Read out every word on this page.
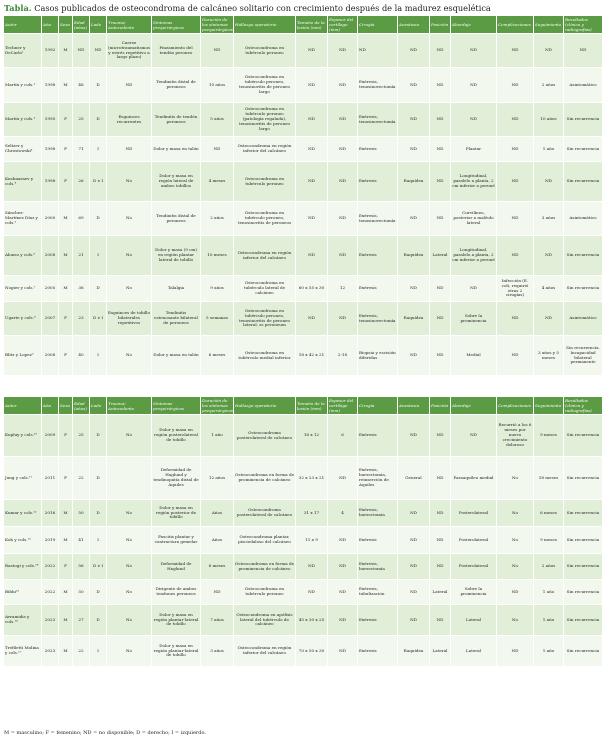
Tabla. Casos publicados de osteocondroma de calcáneo solitario con crecimiento después de la madurez esquelética
Autor	Año	Sexo	Edad (años)	Lado	Trauma/ Antecedente	Síntomas prequirúrgicos	Duración de los síntomas prequirúrgicos	Hallazgo operatorio	Tamaño de la lesión (mm)	Espesor del cartílago (mm)	Cirugía	Anestesia	Posición	Abordaje	Complicaciones	Seguimiento	Resultados (clínica y radiografías)
Techner y DeCarlo¹	1992	M	ND	ND	Caerse (microtraumatismos y estrés repetitivo a largo plazo)	Pinzamiento del tendón peroneo	ND	Osteocondroma en tubérculo peroneo	ND	ND	ND	ND	ND	ND	ND	ND	ND
Martín y cols.²	1998	M	48	D	ND	Tendinitis distal de peroneos	10 años	Osteocondroma en tubérculo peroneo, tenosinovitis de peroneo largo	ND	ND	Exéresis, tenosinovectomía	ND	ND	ND	ND	2 años	Asintomático
Martín y cols.²	1995	F	25	D	Esguinces recurrentes	Tendinitis de tendón peroneos	5 años	Osteocondroma en tubérculo peroneo (patología regalada), tenosinovitis de peroneo largo	ND	ND	Exéresis, tenosinovectomía	ND	ND	ND	ND	10 años	Sin recurrencia
Seltzer y Chrostowski³	1998	F	71	I	ND	Dolor y masa en talón	ND	Osteocondroma en región inferior del calcáneo	ND	ND	Exéresis	ND	ND	Plantar	ND	1 año	Sin recurrencia
Kushnaraev y cols.⁴	1998	F	26	D e I	No	Dolor y masa en región lateral de ambos tobillos	4 meses	Osteocondroma en tubérculo peroneo	ND	ND	Exéresis	Raquídea	ND	Longitudinal, paralelo a planta, 2 cm inferior a peroné	ND	ND	Sin recurrencia
Sánchez-Martínez Díaz y cols.⁵	2000	M	69	D	No	Tendinitis distal de peroneos	2 años	Osteocondroma en tubérculo peroneo, tenosinovitis de peroneos	ND	ND	Exéresis, tenosinovectomía	ND	ND	Curvilíneo, posterior a maléolo lateral	ND	3 años	Asintomático
Alonso y cols.⁶	2008	M	21	I	No	Dolor y masa (9 cm) en región plantar lateral de tobillo	10 meses	Osteocondroma en región inferior del calcáneo	ND	ND	Exéresis	Raquídea	Lateral	Longitudinal, paralelo a planta, 2 cm inferior a peroné	ND	ND	Sin recurrencia
Nogier y cols.⁷	2005	M	36	D	No	Talalgia	9 años	Osteocondroma en tubérculo lateral de calcáneo	60 x 55 x 30	12	Exéresis	ND	ND	ND	Infección (E. coli, requirió otras 2 cirugías)	4 años	Sin recurrencia
Ugarte y cols.⁸	2007	F	23	D e I	Esguinces de tobillo bilaterales repetitivos	Tendinitis estenosante bilateral de peroneos	5 semanas	Osteocondroma en tubérculo peroneo, tenosinovitis de peroneo lateral, ss peroneum	ND	ND	Exéresis, tenosinovectomía	Raquídea	ND	Sobre la prominencia	ND	ND	Asintomático
Blitz y Lopez⁹	2008	F	40	I	No	Dolor y masa en talón	6 meses	Osteocondroma en tubérculo medial inferior	18 x 42 x 21	2-18	Biopsia y escisión diferidas	ND	ND	Medial	ND	3 años y 5 meses	Sin recurrencia. Incapacidad bilateral permanente
Autor	Año	Sexo	Edad (años)	Lado	Trauma/ Antecedente	Síntomas prequirúrgicos	Duración de los síntomas prequirúrgicos	Hallazgo operatorio	Tamaño de la lesión (mm)	Espesor del cartílago (mm)	Cirugía	Anestesia	Posición	Abordaje	Complicaciones	Seguimiento	Resultados (clínica y radiografías)
Kupluy y cols.¹⁰	2009	F	25	D	No	Dolor y masa en región posterolateral de tobillo	1 año	Osteocondroma posterolateral de calcáneo	18 x 12	6	Exéresis	ND	ND	ND	Recurrió a los 6 meses por nuevo crecimiento doloroso	9 meses	Sin recurrencia
Jung y cols.¹¹	2011	F	22	D		Deformidad de Haglund y tendinopatía distal de Aquiles	12 años	Osteocondroma en forma de prominencia de calcáneo	32 x 23 x 21	ND	Exéresis, bursectomía, reinserción de Aquiles	General	ND	Paraaquíleo medial	No	18 meses	Sin recurrencia
Kumar y cols.¹²	2016	M	50	D	No	Dolor y masa en región posterior de tobillo	Años	Osteocondroma posterolateral de calcáneo	31 x 17	4	Exéresis, bursectomía	ND	ND	Posterolateral	No	6 meses	Sin recurrencia
Koh y cols.¹³	2019	M	41	I	No	Fascitis plantar y contractura gemelar	Años	Osteocondroma plantar, pisciodaloso del calcáneo	11 x 9	ND	Exéresis	ND	ND	Posterolateral	No	9 meses	Sin recurrencia
Rastogi y cols.¹⁴	2022	F	56	D e I	No	Deformidad de Haglund	6 meses	Osteocondroma en forma de prominencia de calcáneo	ND	ND	Exéresis, bursectomía	ND	ND	Posterolateral	No	2 años	Sin recurrencia
Bibhi¹⁵	2022	M	50	D	No	Dirigente de ambos tendones peroneos	ND	Osteocondroma en tubérculo peroneo	ND	ND	Exéresis, tubulización	ND	Lateral	Sobre la prominencia	ND	1 año	Sin recurrencia
Avramidis y cols.¹⁶	2023	M	27	D	No	Dolor y masa en región plantar-lateral de tobillo	7 años	Osteocondroma en apófisis lateral del tubérculo de calcáneo	45 x 30 x 25	ND	Exéresis	ND	ND	Lateral	No	1 año	Sin recurrencia
Trefiletti Molina y cols.¹⁷	2023	M	22	I	No	Dolor y masa en región plantar-lateral de tobillo	3 años	Osteocondroma en región inferior del calcáneo	70 x 50 x 30	ND	Exéresis	Raquídea	Lateral	Lateral	ND	1 año	Sin recurrencia
M = masculino; F = femenino; ND = no disponible; D = derecho; I = izquierdo.
